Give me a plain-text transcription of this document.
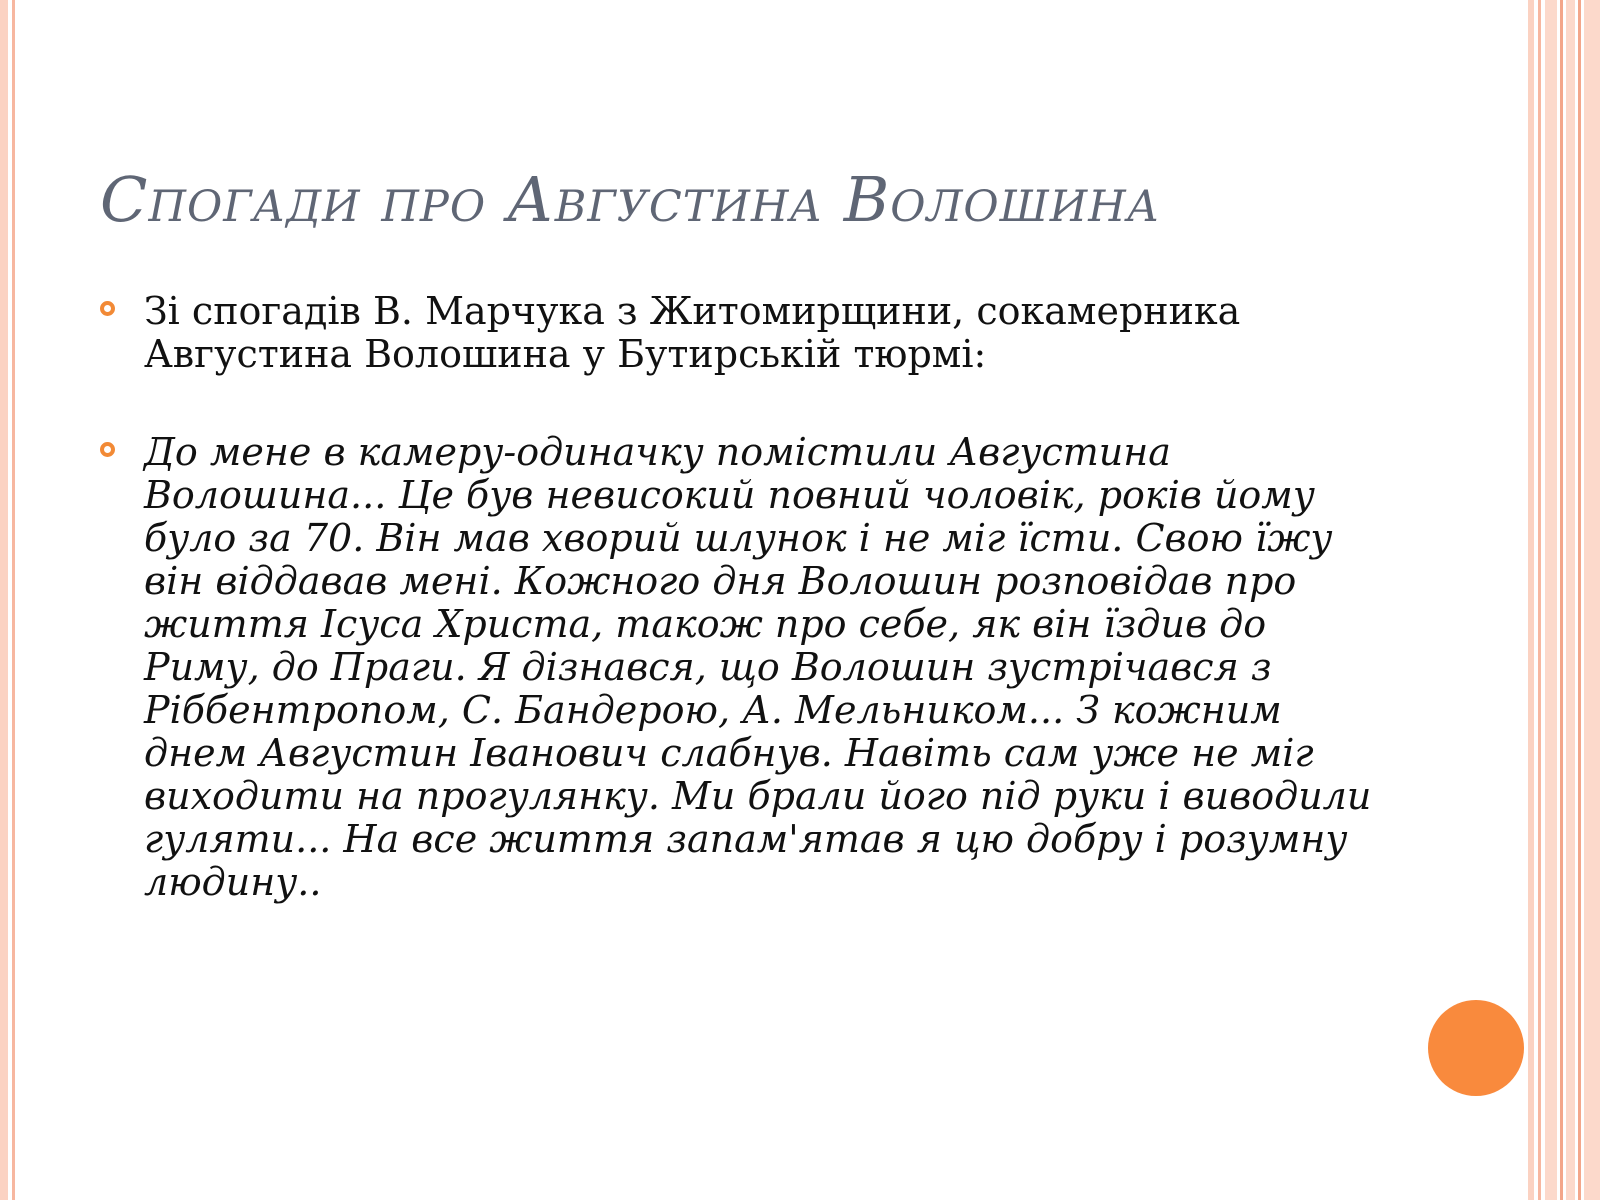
Спогади про Августина Волошина
Зі спогадів В. Марчука з Житомирщини, сокамерника Августина Волошина у Бутирській тюрмі:
До мене в камеру-одиначку помістили Августина Волошина... Це був невисокий повний чоловік, років йому було за 70. Він мав хворий шлунок і не міг їсти. Свою їжу він віддавав мені. Кожного дня Волошин розповідав про життя Ісуса Христа, також про себе, як він їздив до Риму, до Праги. Я дізнався, що Волошин зустрічався з Ріббентропом, С. Бандерою, А. Мельником... З кожним днем Августин Іванович слабнув. Навіть сам уже не міг виходити на прогулянку. Ми брали його під руки і виводили гуляти... На все життя запам'ятав я цю добру і розумну людину..
